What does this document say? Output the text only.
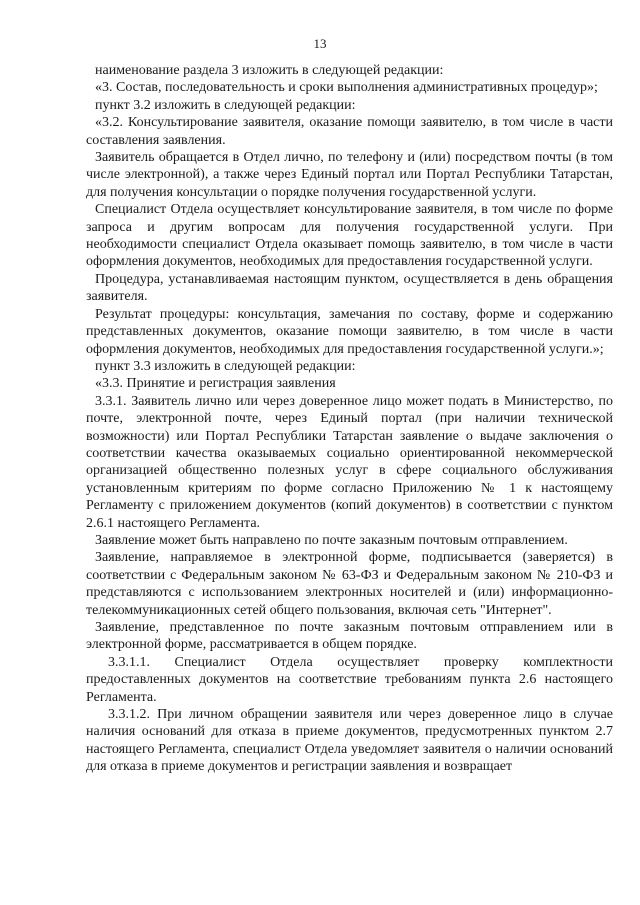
13

наименование раздела 3 изложить в следующей редакции:

«3. Состав, последовательность и сроки выполнения административных процедур»;

пункт 3.2 изложить в следующей редакции:

«3.2. Консультирование заявителя, оказание помощи заявителю, в том числе в части составления заявления.

Заявитель обращается в Отдел лично, по телефону и (или) посредством почты (в том числе электронной), а также через Единый портал или Портал Республики Татарстан, для получения консультации о порядке получения государственной услуги.

Специалист Отдела осуществляет консультирование заявителя, в том числе по форме запроса и другим вопросам для получения государственной услуги. При необходимости специалист Отдела оказывает помощь заявителю, в том числе в части оформления документов, необходимых для предоставления государственной услуги.

Процедура, устанавливаемая настоящим пунктом, осуществляется в день обращения заявителя.

Результат процедуры: консультация, замечания по составу, форме и содержанию представленных документов, оказание помощи заявителю, в том числе в части оформления документов, необходимых для предоставления государственной услуги.»;

пункт 3.3 изложить в следующей редакции:

«3.3. Принятие и регистрация заявления

3.3.1. Заявитель лично или через доверенное лицо может подать в Министерство, по почте, электронной почте, через Единый портал (при наличии технической возможности) или Портал Республики Татарстан заявление о выдаче заключения о соответствии качества оказываемых социально ориентированной некоммерческой организацией общественно полезных услуг в сфере социального обслуживания установленным критериям по форме согласно Приложению № 1 к настоящему Регламенту с приложением документов (копий документов) в соответствии с пунктом 2.6.1 настоящего Регламента.

Заявление может быть направлено по почте заказным почтовым отправлением.

Заявление, направляемое в электронной форме, подписывается (заверяется) в соответствии с Федеральным законом № 63-ФЗ и Федеральным законом № 210-ФЗ и представляются с использованием электронных носителей и (или) информационно-телекоммуникационных сетей общего пользования, включая сеть "Интернет".

Заявление, представленное по почте заказным почтовым отправлением или в электронной форме, рассматривается в общем порядке.

3.3.1.1. Специалист Отдела осуществляет проверку комплектности предоставленных документов на соответствие требованиям пункта 2.6 настоящего Регламента.

3.3.1.2. При личном обращении заявителя или через доверенное лицо в случае наличия оснований для отказа в приеме документов, предусмотренных пунктом 2.7 настоящего Регламента, специалист Отдела уведомляет заявителя о наличии оснований для отказа в приеме документов и регистрации заявления и возвращает
